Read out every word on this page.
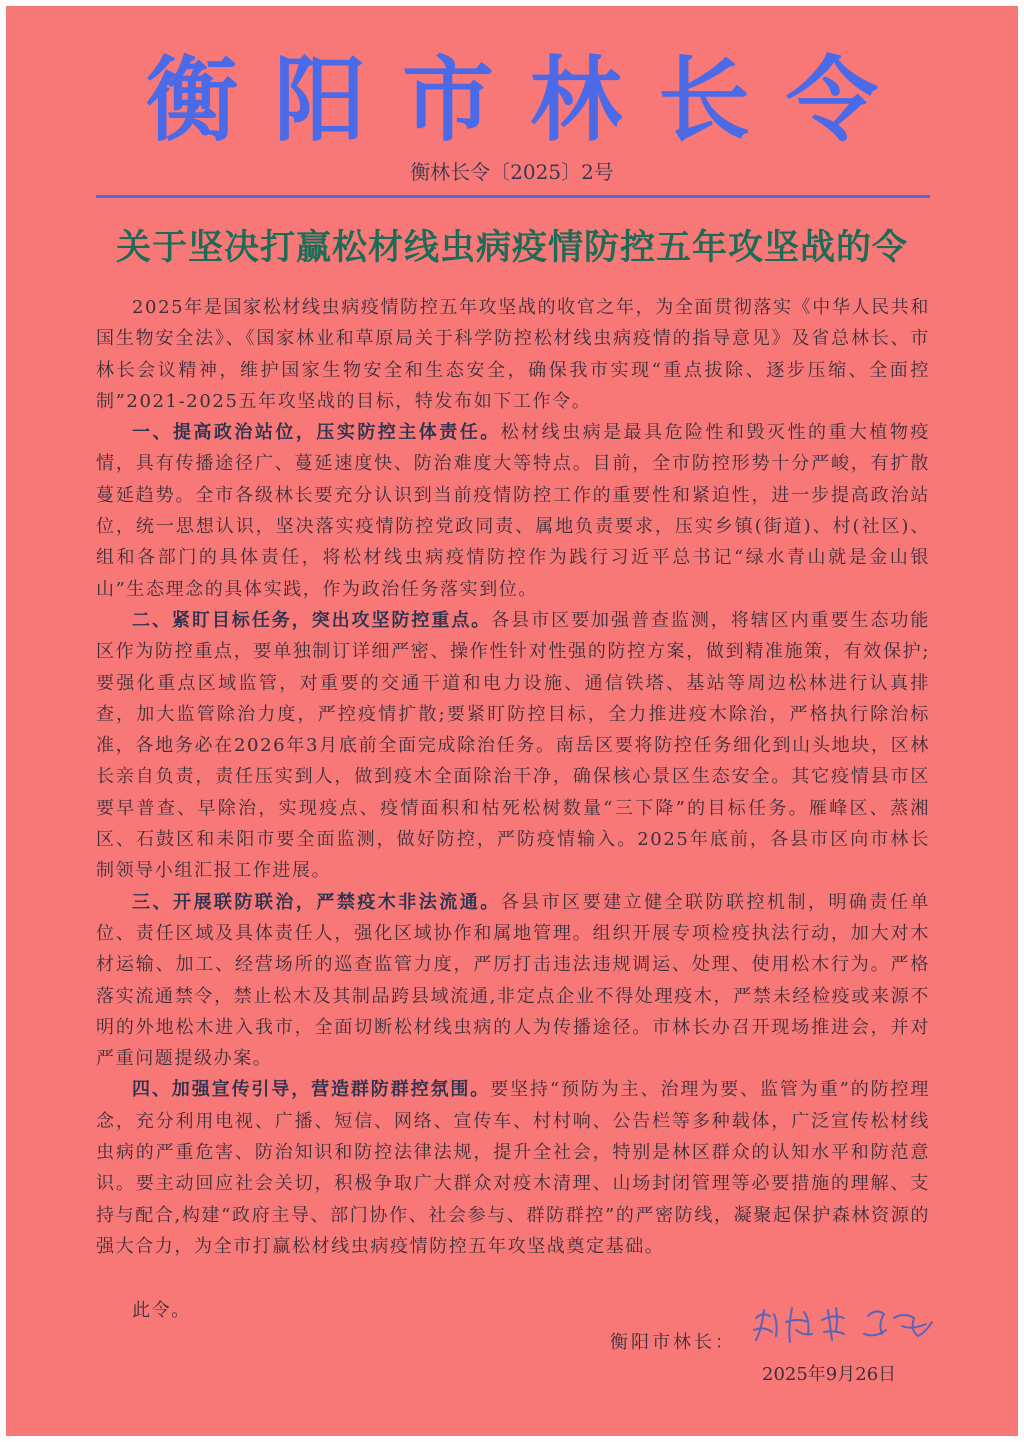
衡阳市林长令
衡林长令〔2025〕2号
关于坚决打赢松材线虫病疫情防控五年攻坚战的令

2025年是国家松材线虫病疫情防控五年攻坚战的收官之年，为全面贯彻落实《中华人民共和国生物安全法》、《国家林业和草原局关于科学防控松材线虫病疫情的指导意见》及省总林长、市林长会议精神，维护国家生物安全和生态安全，确保我市实现“重点拔除、逐步压缩、全面控制”2021-2025五年攻坚战的目标，特发布如下工作令。

一、提高政治站位，压实防控主体责任。松材线虫病是最具危险性和毁灭性的重大植物疫情，具有传播途径广、蔓延速度快、防治难度大等特点。目前，全市防控形势十分严峻，有扩散蔓延趋势。全市各级林长要充分认识到当前疫情防控工作的重要性和紧迫性，进一步提高政治站位，统一思想认识，坚决落实疫情防控党政同责、属地负责要求，压实乡镇(街道)、村(社区)、组和各部门的具体责任，将松材线虫病疫情防控作为践行习近平总书记“绿水青山就是金山银山”生态理念的具体实践，作为政治任务落实到位。

二、紧盯目标任务，突出攻坚防控重点。各县市区要加强普查监测，将辖区内重要生态功能区作为防控重点，要单独制订详细严密、操作性针对性强的防控方案，做到精准施策，有效保护;要强化重点区域监管，对重要的交通干道和电力设施、通信铁塔、基站等周边松林进行认真排查，加大监管除治力度，严控疫情扩散;要紧盯防控目标，全力推进疫木除治，严格执行除治标准，各地务必在2026年3月底前全面完成除治任务。南岳区要将防控任务细化到山头地块，区林长亲自负责，责任压实到人，做到疫木全面除治干净，确保核心景区生态安全。其它疫情县市区要早普查、早除治，实现疫点、疫情面积和枯死松树数量“三下降”的目标任务。雁峰区、蒸湘区、石鼓区和耒阳市要全面监测，做好防控，严防疫情输入。2025年底前，各县市区向市林长制领导小组汇报工作进展。

三、开展联防联治，严禁疫木非法流通。各县市区要建立健全联防联控机制，明确责任单位、责任区域及具体责任人，强化区域协作和属地管理。组织开展专项检疫执法行动，加大对木材运输、加工、经营场所的巡查监管力度，严厉打击违法违规调运、处理、使用松木行为。严格落实流通禁令，禁止松木及其制品跨县域流通,非定点企业不得处理疫木，严禁未经检疫或来源不明的外地松木进入我市，全面切断松材线虫病的人为传播途径。市林长办召开现场推进会，并对严重问题提级办案。

四、加强宣传引导，营造群防群控氛围。要坚持“预防为主、治理为要、监管为重”的防控理念，充分利用电视、广播、短信、网络、宣传车、村村响、公告栏等多种载体，广泛宣传松材线虫病的严重危害、防治知识和防控法律法规，提升全社会，特别是林区群众的认知水平和防范意识。要主动回应社会关切，积极争取广大群众对疫木清理、山场封闭管理等必要措施的理解、支持与配合,构建“政府主导、部门协作、社会参与、群防群控”的严密防线，凝聚起保护森林资源的强大合力，为全市打赢松材线虫病疫情防控五年攻坚战奠定基础。

此令。
衡阳市林长：
2025年9月26日
